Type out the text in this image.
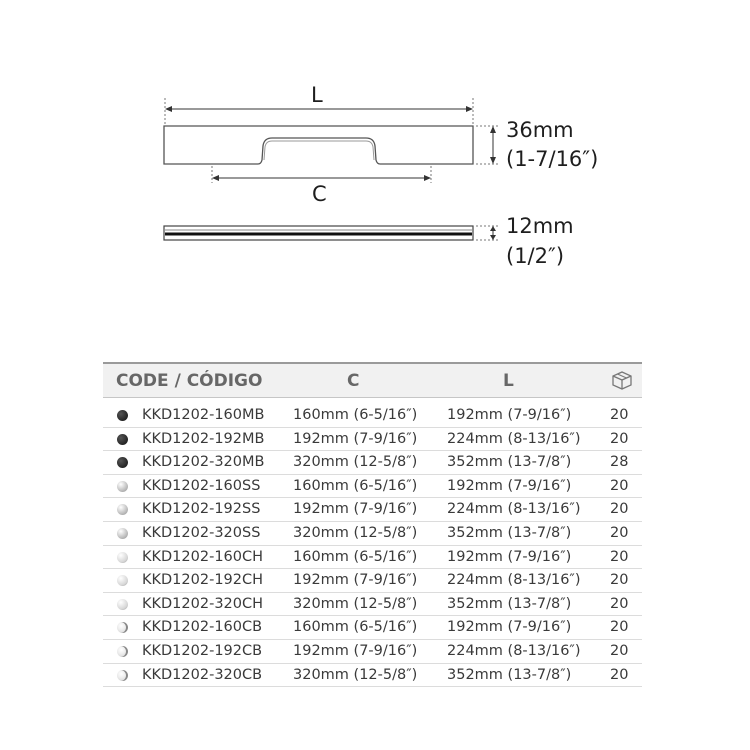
L
36mm
(1-7/16″)
C
12mm
(1/2″)
CODE / CÓDIGO	C	L
KKD1202-160MB 160mm (6-5/16″) 192mm (7-9/16″)	20
KKD1202-192MB 192mm (7-9/16″) 224mm (8-13/16″) 20
KKD1202-320MB 320mm (12-5/8″) 352mm (13-7/8″)	28
KKD1202-160SS 160mm (6-5/16″) 192mm (7-9/16″)	20
KKD1202-192SS 192mm (7-9/16″) 224mm (8-13/16″) 20
KKD1202-320SS 320mm (12-5/8″) 352mm (13-7/8″)	20
KKD1202-160CH 160mm (6-5/16″) 192mm (7-9/16″)	20
KKD1202-192CH 192mm (7-9/16″) 224mm (8-13/16″) 20
KKD1202-320CH 320mm (12-5/8″) 352mm (13-7/8″)	20
KKD1202-160CB 160mm (6-5/16″) 192mm (7-9/16″)	20
KKD1202-192CB 192mm (7-9/16″) 224mm (8-13/16″) 20
KKD1202-320CB 320mm (12-5/8″) 352mm (13-7/8″)	20
